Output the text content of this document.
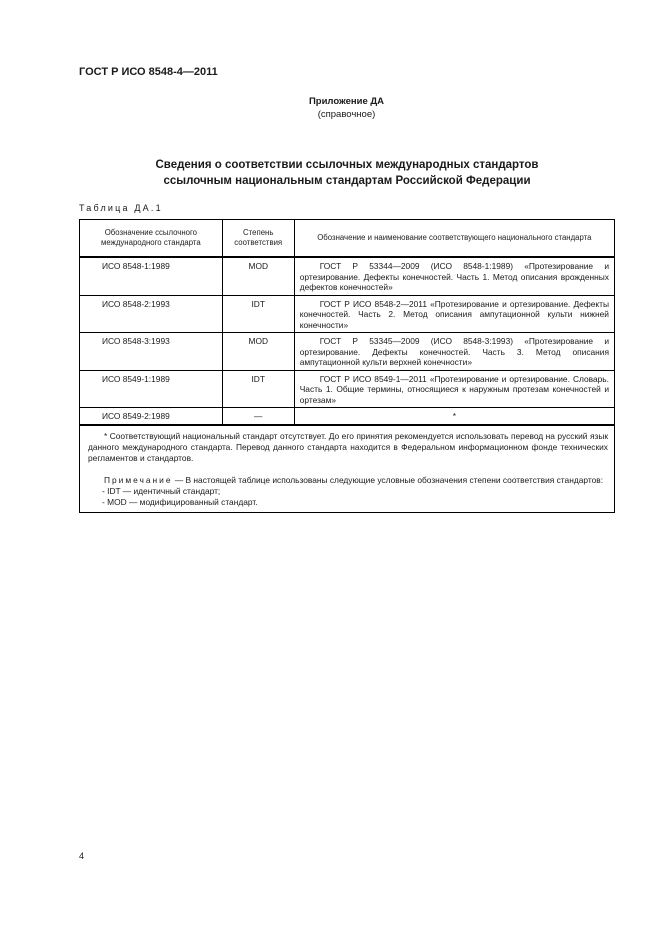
ГОСТ Р ИСО 8548-4—2011
Приложение ДА
(справочное)
Сведения о соответствии ссылочных международных стандартов
ссылочным национальным стандартам Российской Федерации
Таблица ДА.1
Обозначение ссылочного международного стандарта	Степень соответствия	Обозначение и наименование соответствующего национального стандарта
ИСО 8548-1:1989	MOD	ГОСТ Р 53344—2009 (ИСО 8548-1:1989) «Протезирование и ортезирование. Дефекты конечностей. Часть 1. Метод описания врожденных дефектов конечностей»

ИСО 8548-2:1993	IDT	ГОСТ Р ИСО 8548-2—2011 «Протезирование и ортезирование. Дефекты конечностей. Часть 2. Метод описания ампутационной культи нижней конечности»

ИСО 8548-3:1993	MOD	ГОСТ Р 53345—2009 (ИСО 8548-3:1993) «Протезирование и ортезирование. Дефекты конечностей. Часть 3. Метод описания ампутационной культи верхней конечности»

ИСО 8549-1:1989	IDT	ГОСТ Р ИСО 8549-1—2011 «Протезирование и ортезирование. Словарь. Часть 1. Общие термины, относящиеся к наружным протезам конечностей и ортезам»

ИСО 8549-2:1989	—	*

* Соответствующий национальный стандарт отсутствует. До его принятия рекомендуется использовать перевод на русский язык данного международного стандарта. Перевод данного стандарта находится в Федеральном информационном фонде технических регламентов и стандартов.

Примечание — В настоящей таблице использованы следующие условные обозначения степени соответствия стандартов:

- IDT — идентичный стандарт;

- MOD — модифицированный стандарт.		

4
